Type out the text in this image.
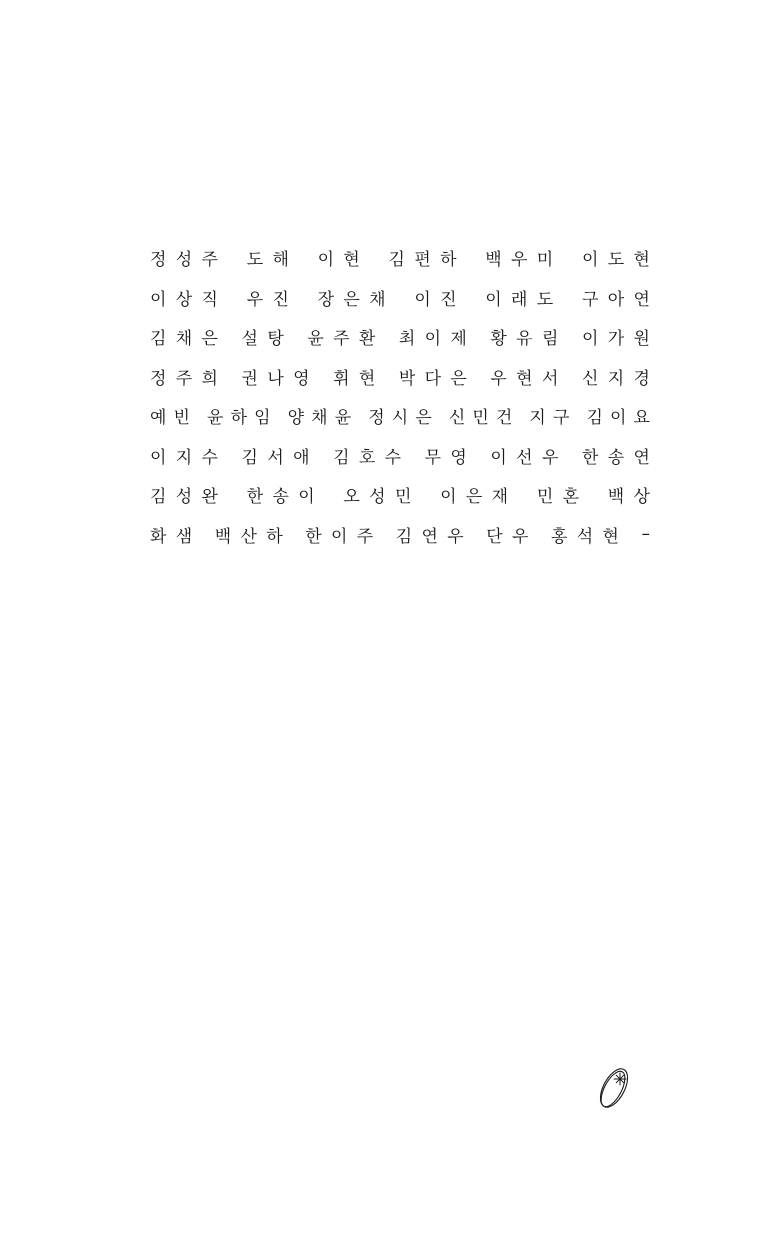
정성주 도해 이현 김편하 백우미 이도현
이상직 우진 장은채 이진 이래도 구아연
김채은 설탕 윤주환 최이제 황유림 이가원
정주희 권나영 휘현 박다은 우현서 신지경
예빈 윤하임 양채윤 정시은 신민건 지구 김이요
이지수 김서애 김호수 무영 이선우 한송연
김성완 한송이 오성민 이은재 민혼 백상
화샘 백산하 한이주 김연우 단우 홍석현 –
